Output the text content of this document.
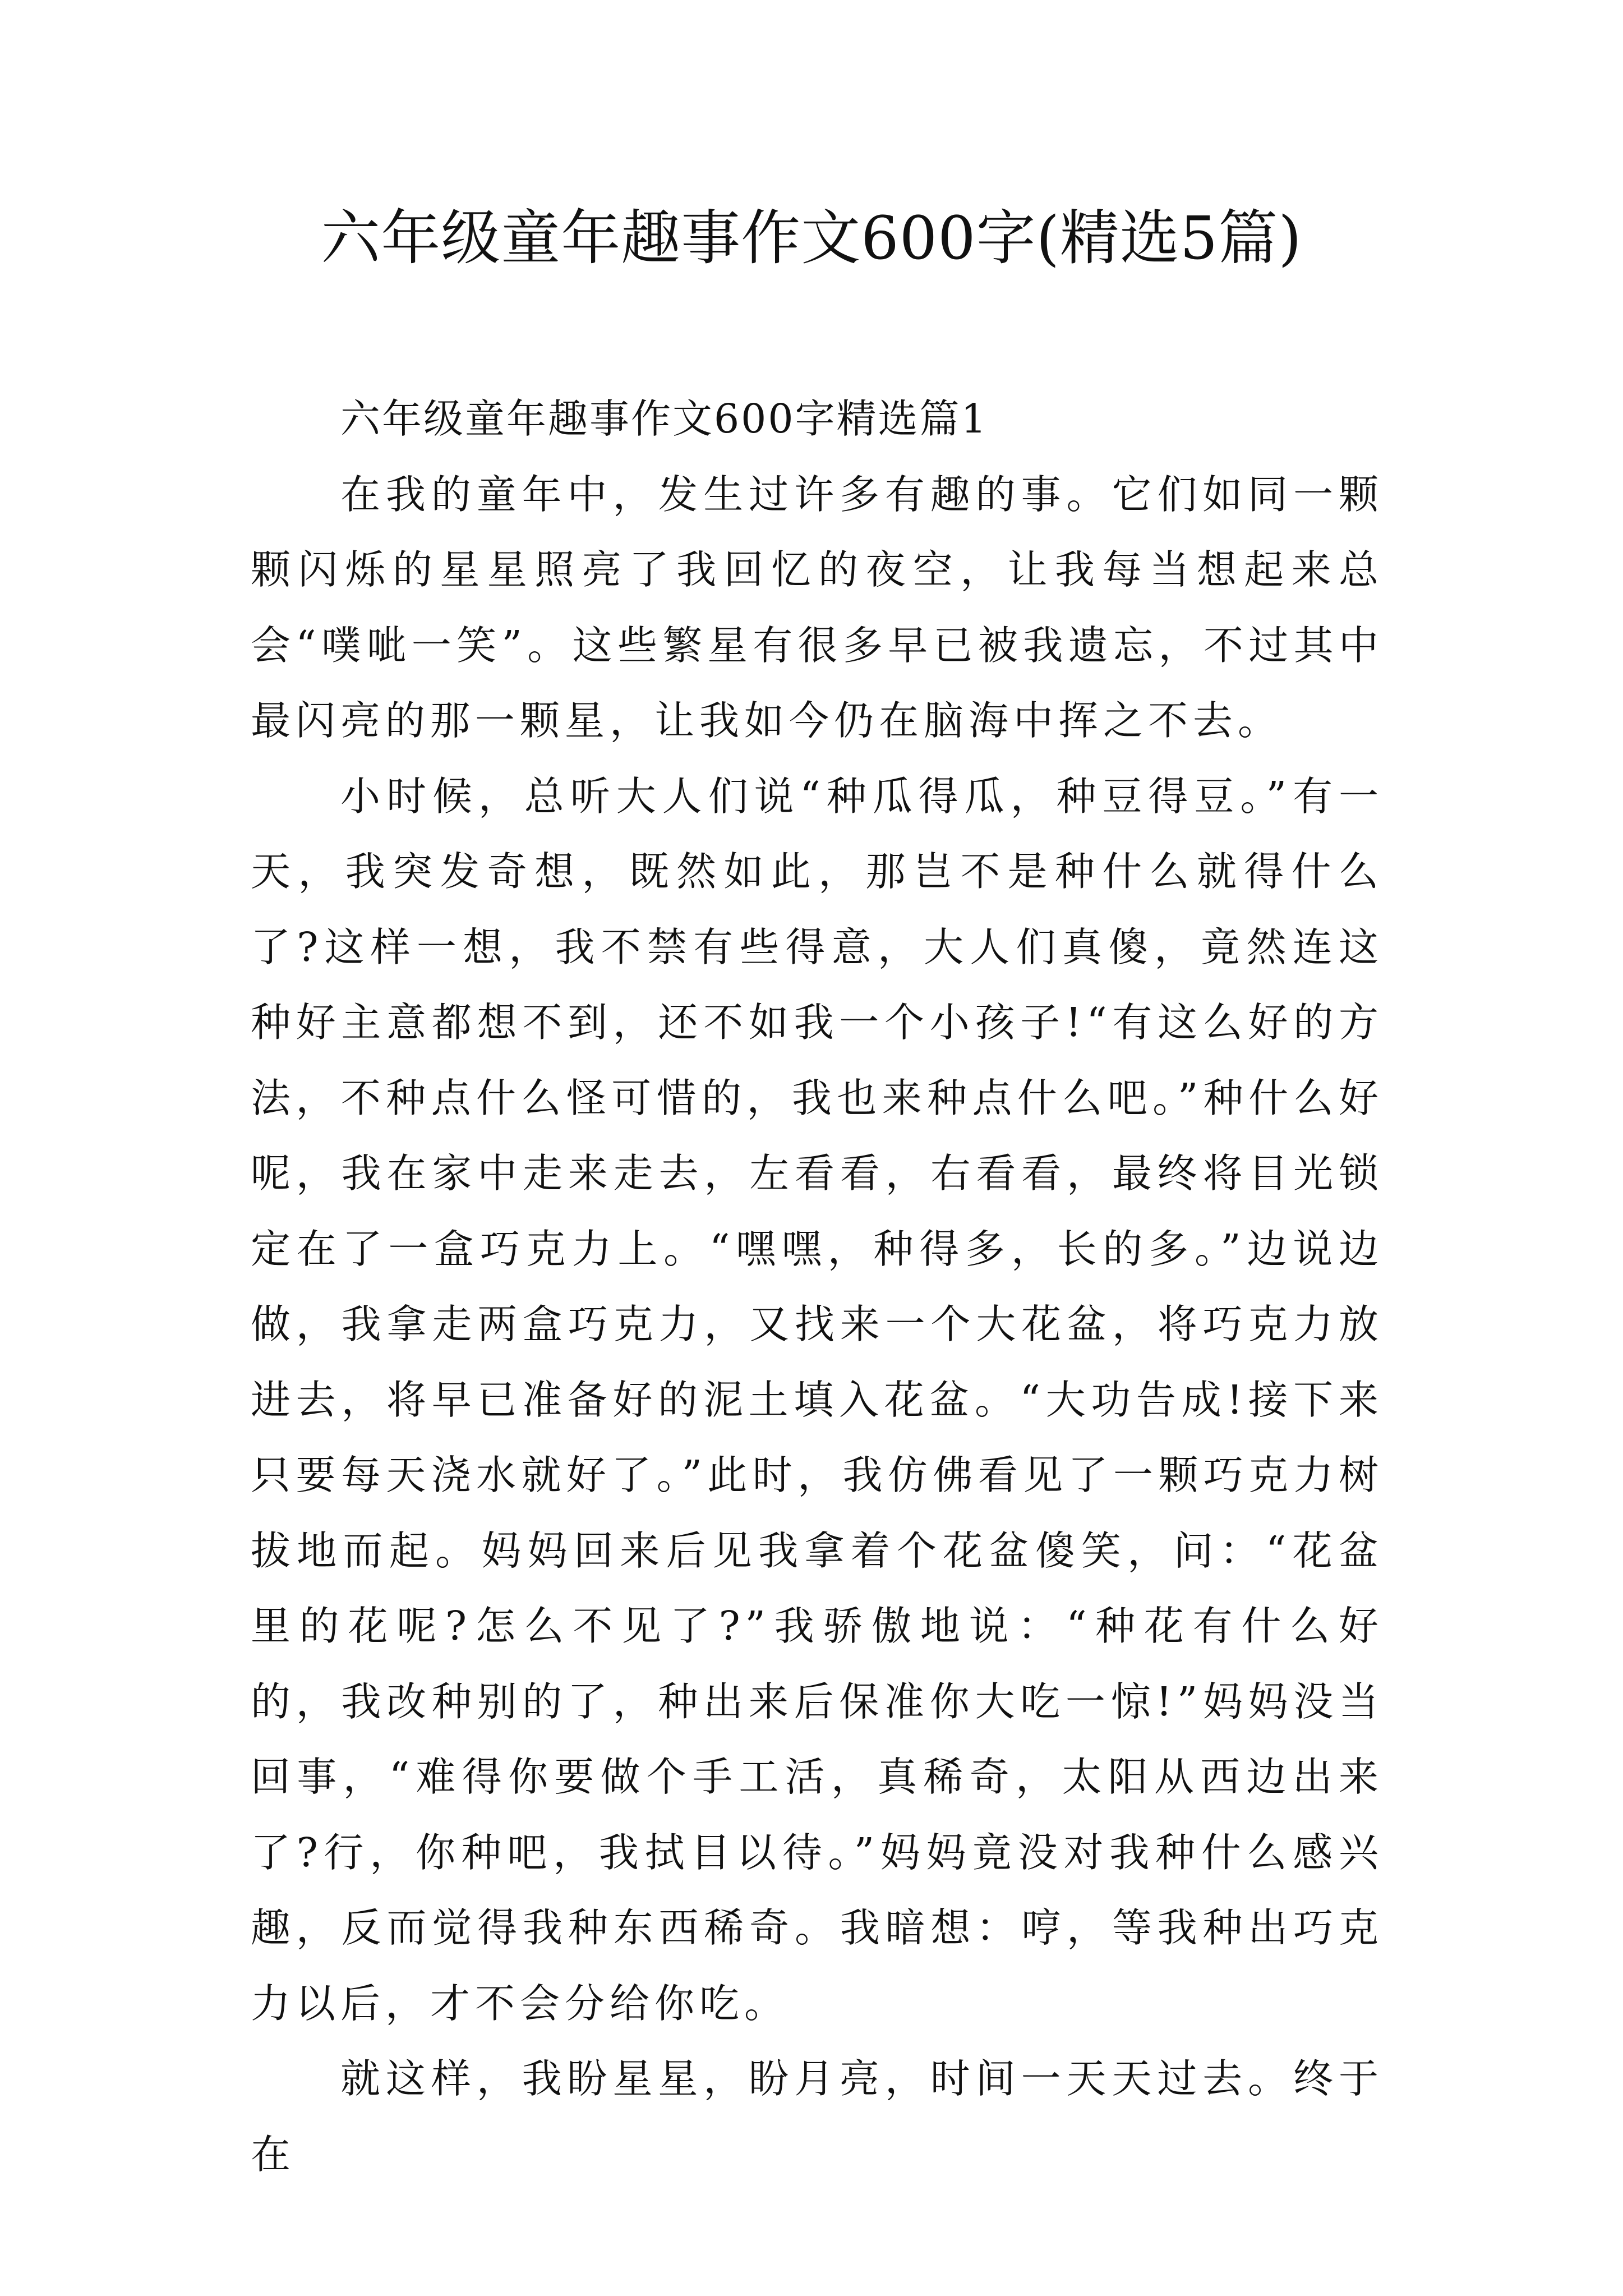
六年级童年趣事作文600字(精选5篇)

六年级童年趣事作文600字精选篇1

在我的童年中，发生过许多有趣的事。它们如同一颗颗闪烁的星星照亮了我回忆的夜空，让我每当想起来总会“噗呲一笑”。这些繁星有很多早已被我遗忘，不过其中最闪亮的那一颗星，让我如今仍在脑海中挥之不去。

小时候，总听大人们说“种瓜得瓜，种豆得豆。”有一天，我突发奇想，既然如此，那岂不是种什么就得什么了?这样一想，我不禁有些得意，大人们真傻，竟然连这种好主意都想不到，还不如我一个小孩子!“有这么好的方法，不种点什么怪可惜的，我也来种点什么吧。”种什么好呢，我在家中走来走去，左看看，右看看，最终将目光锁定在了一盒巧克力上。“嘿嘿，种得多，长的多。”边说边做，我拿走两盒巧克力，又找来一个大花盆，将巧克力放进去，将早已准备好的泥土填入花盆。“大功告成!接下来只要每天浇水就好了。”此时，我仿佛看见了一颗巧克力树拔地而起。妈妈回来后见我拿着个花盆傻笑，问：“花盆里的花呢?怎么不见了?”我骄傲地说：“种花有什么好的，我改种别的了，种出来后保准你大吃一惊!”妈妈没当回事，“难得你要做个手工活，真稀奇，太阳从西边出来了?行，你种吧，我拭目以待。”妈妈竟没对我种什么感兴趣，反而觉得我种东西稀奇。我暗想：哼，等我种出巧克力以后，才不会分给你吃。

就这样，我盼星星，盼月亮，时间一天天过去。终于在
